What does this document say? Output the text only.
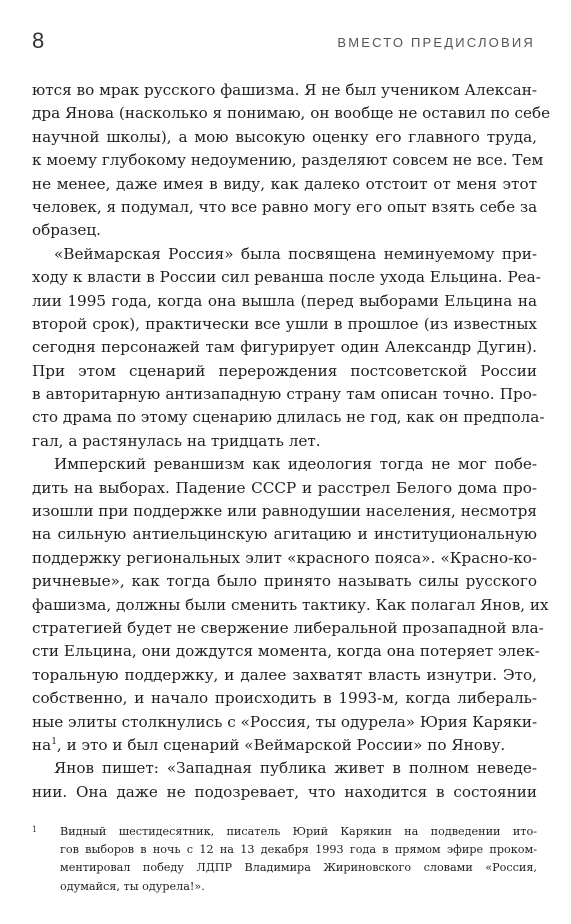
8	ВМЕСТО ПРЕДИСЛОВИЯ
ются во мрак русского фашизма. Я не был учеником Алексан-
дра Янова (насколько я понимаю, он вообще не оставил по себе
научной школы), а мою высокую оценку его главного труда,
к моему глубокому недоумению, разделяют совсем не все. Тем
не менее, даже имея в виду, как далеко отстоит от меня этот
человек, я подумал, что все равно могу его опыт взять себе за
образец.
«Веймарская Россия» была посвящена неминуемому при-
ходу к власти в России сил реванша после ухода Ельцина. Реа-
лии 1995 года, когда она вышла (перед выборами Ельцина на
второй срок), практически все ушли в прошлое (из известных
сегодня персонажей там фигурирует один Александр Дугин).
При этом сценарий перерождения постсоветской России
в авторитарную антизападную страну там описан точно. Про-
сто драма по этому сценарию длилась не год, как он предпола-
гал, а растянулась на тридцать лет.
Имперский реваншизм как идеология тогда не мог побе-
дить на выборах. Падение СССР и расстрел Белого дома про-
изошли при поддержке или равнодушии населения, несмотря
на сильную антиельцинскую агитацию и институциональную
поддержку региональных элит «красного пояса». «Красно-ко-
ричневые», как тогда было принято называть силы русского
фашизма, должны были сменить тактику. Как полагал Янов, их
стратегией будет не свержение либеральной прозападной вла-
сти Ельцина, они дождутся момента, когда она потеряет элек-
торальную поддержку, и далее захватят власть изнутри. Это,
собственно, и начало происходить в 1993-м, когда либераль-
ные элиты столкнулись с «Россия, ты одурела» Юрия Каряки-
$на^1$, и это и был сценарий «Веймарской России» по Янову.
Янов пишет: «Западная публика живет в полном неведе-
нии. Она даже не подозревает, что находится в состоянии
1 Видный шестидесятник, писатель Юрий Карякин на подведении ито-
гов выборов в ночь с 12 на 13 декабря 1993 года в прямом эфире проком-
ментировал победу ЛДПР Владимира Жириновского словами «Россия,
одумайся, ты одурела!».
